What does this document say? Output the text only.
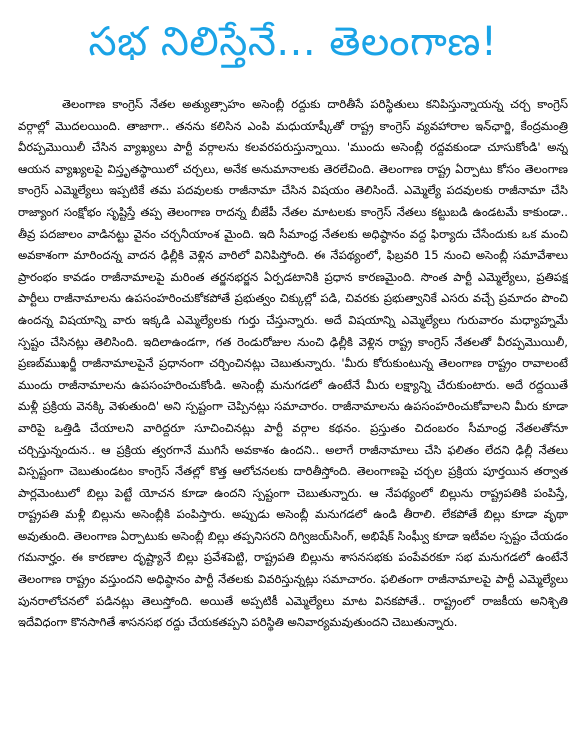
సభ నిలిస్తేనే... తెలంగాణ!

తెలంగాణ కాంగ్రెస్ నేతల అత్యుత్సాహం అసెంబ్లీ రద్దుకు దారితీసే పరిస్థితులు కనిపిస్తున్నాయన్న చర్చ కాంగ్రెస్ వర్గాల్లో మొదలయింది. తాజాగా.. తనను కలిసిన ఎంపి మధుయాష్కీతో రాష్ట్ర కాంగ్రెస్ వ్యవహారాల ఇన్‌ఛార్జి, కేంద్రమంత్రి వీరప్పమొయిలీ చేసిన వ్యాఖ్యలు పార్టీ వర్గాలను కలవరపరుస్తున్నాయి. 'ముందు అసెంబ్లీ రద్దవకుండా చూసుకోండి' అన్న ఆయన వ్యాఖ్యలపై విస్తృతస్థాయిలో చర్చలు, అనేక అనుమానాలకు తెరలేచింది. తెలంగాణ రాష్ట్ర ఏర్పాటు కోసం తెలంగాణ కాంగ్రెస్ ఎమ్మెల్యేలు ఇప్పటికే తమ పదవులకు రాజీనామా చేసిన విషయం తెలిసిందే. ఎమ్మెల్యే పదవులకు రాజీనామా చేసి రాజ్యాంగ సంక్షోభం సృష్టిస్తే తప్ప తెలంగాణ రాదన్న బీజేపీ నేతల మాటలకు కాంగ్రెస్ నేతలు కట్టుబడి ఉండటమే కాకుండా.. తీవ్ర పదజాలం వాడినట్టు వైనం చర్చనీయాంశ మైంది. ఇది సీమాంధ్ర నేతలకు అధిష్ఠానం వద్ద ఫిర్యాదు చేసేందుకు ఒక మంచి అవకాశంగా మారిందన్న వాదన ఢిల్లీకి వెళ్లిన వారిలో వినిపిస్తోంది. ఈ నేపథ్యంలో, ఫిబ్రవరి 15 నుంచి అసెంబ్లీ సమావేశాలు ప్రారంభం కావడం రాజీనామాలపై మరింత తర్జనభర్జన ఏర్పడటానికి ప్రధాన కారణమైంది. సొంత పార్టీ ఎమ్మెల్యేలు, ప్రతిపక్ష పార్టీలు రాజీనామాలను ఉపసంహరించుకోకపోతే ప్రభుత్వం చిక్కుల్లో పడి, చివరకు ప్రభుత్వానికే ఎసరు వచ్చే ప్రమాదం పొంచి ఉందన్న విషయాన్ని వారు ఇక్కడి ఎమ్మెల్యేలకు గుర్తు చేస్తున్నారు. అదే విషయాన్ని ఎమ్మెల్యేలు గురువారం మధ్యాహ్నమే స్పష్టం చేసినట్లు తెలిసింది. ఇదిలాఉండగా, గత రెండురోజుల నుంచి ఢిల్లీకి వెళ్లిన రాష్ట్ర కాంగ్రెస్ నేతలతో వీరప్పమొయిలీ, ప్రణబ్‌ముఖర్జీ రాజీనామాలపైనే ప్రధానంగా చర్చించినట్లు చెబుతున్నారు. 'మీరు కోరుకుంటున్న తెలంగాణ రాష్ట్రం రావాలంటే ముందు రాజీనామాలను ఉపసంహరించుకోండి. అసెంబ్లీ మనుగడలో ఉంటేనే మీరు లక్ష్యాన్ని చేరుకుంటారు. అదే రద్దయితే మళ్లీ ప్రక్రియ వెనక్కి వెళుతుంది' అని స్పష్టంగా చెప్పినట్లు సమాచారం. రాజీనామాలను ఉపసంహరించుకోవాలని మీరు కూడా వారిపై ఒత్తిడి చేయాలని వారిద్దరూ సూచించినట్లు పార్టీ వర్గాల కథనం. ప్రస్తుతం చిదంబరం సీమాంధ్ర నేతలతోనూ చర్చిస్తున్నందున.. ఆ ప్రక్రియ త్వరగానే ముగిసే అవకాశం ఉందని.. అలాగే రాజీనామాలు చేసి ఫలితం లేదని ఢిల్లీ నేతలు విస్పష్టంగా చెబుతుండటం కాంగ్రెస్ నేతల్లో కొత్త ఆలోచనలకు దారితీస్తోంది. తెలంగాణపై చర్చల ప్రక్రియ పూర్తయిన తర్వాత పార్లమెంటులో బిల్లు పెట్టే యోచన కూడా ఉందని స్పష్టంగా చెబుతున్నారు. ఆ నేపథ్యంలో బిల్లును రాష్ట్రపతికి పంపిస్తే, రాష్ట్రపతి మళ్లీ బిల్లును అసెంబ్లీకి పంపిస్తారు. అప్పుడు అసెంబ్లీ మనుగడలో ఉండి తీరాలి. లేకపోతే బిల్లు కూడా వృథా అవుతుంది. తెలంగాణ ఏర్పాటుకు అసెంబ్లీ బిల్లు తప్పనిసరని దిగ్విజయ్‌సింగ్, అభిషేక్ సింఘ్వీ కూడా ఇటీవల స్పష్టం చేయడం గమనార్హం. ఈ కారణాల దృష్ట్యానే బిల్లు ప్రవేశపెట్టి, రాష్ట్రపతి బిల్లును శాసనసభకు పంపేవరకూ సభ మనుగడలో ఉంటేనే తెలంగాణ రాష్ట్రం వస్తుందని అధిష్ఠానం పార్టీ నేతలకు వివరిస్తున్నట్లు సమాచారం. ఫలితంగా రాజీనామాలపై పార్టీ ఎమ్మెల్యేలు పునరాలోచనలో పడినట్లు తెలుస్తోంది. అయితే అప్పటికీ ఎమ్మెల్యేలు మాట వినకపోతే.. రాష్ట్రంలో రాజకీయ అనిశ్చితి ఇదేవిధంగా కొనసాగితే శాసనసభ రద్దు చేయకతప్పని పరిస్థితి అనివార్యమవుతుందని చెబుతున్నారు.
